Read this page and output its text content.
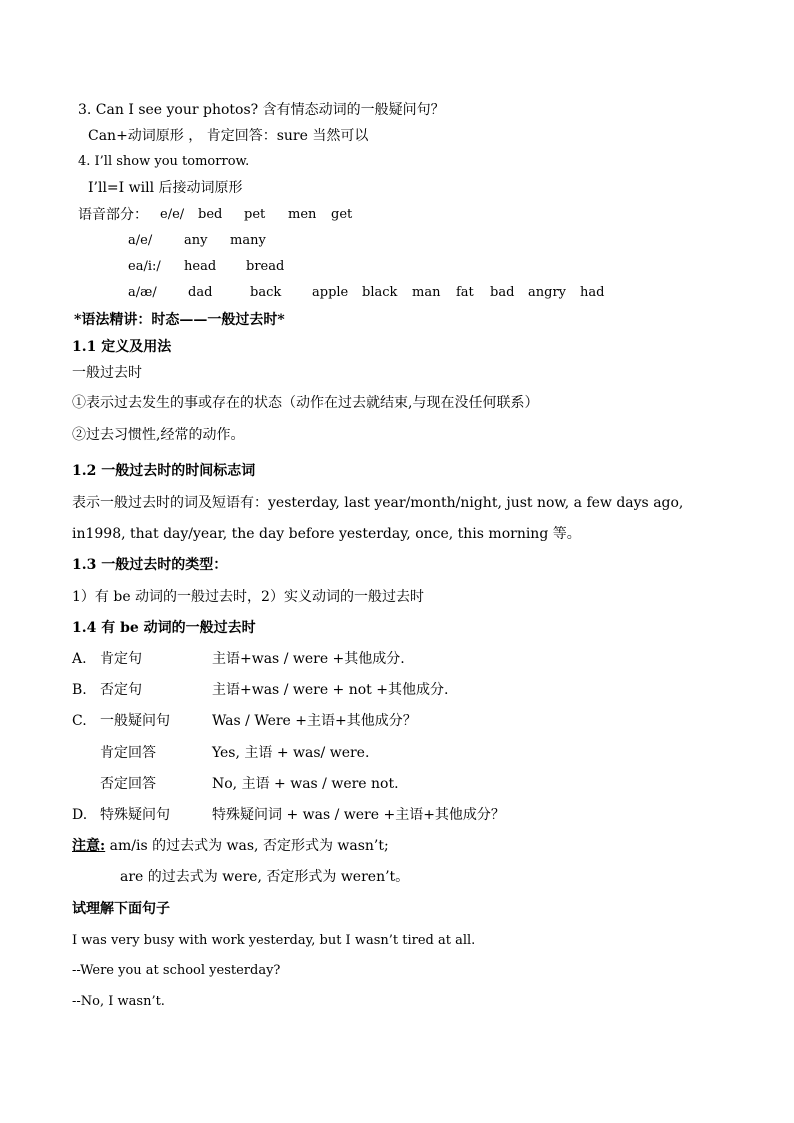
3. Can I see your photos? 含有情态动词的一般疑问句？
Can+动词原形 ， 肯定回答：sure 当然可以
4. I’ll show you tomorrow.
I’ll=I will 后接动词原形
语音部分： e/e/ bed pet men get
a/e/ any many
ea/i:/ head bread
a/æ/ dad	back apple black man fat bad angry had
*语法精讲：时态——一般过去时*
1.1 定义及用法
一般过去时
①表示过去发生的事或存在的状态（动作在过去就结束,与现在没任何联系）
②过去习惯性,经常的动作。
1.2 一般过去时的时间标志词
表示一般过去时的词及短语有：yesterday, last year/month/night, just now, a few days ago,
in1998, that day/year, the day before yesterday, once, this morning 等。
1.3 一般过去时的类型：
1）有 be 动词的一般过去时，2）实义动词的一般过去时
1.4 有 be 动词的一般过去时
A. 肯定句	主语+was / were +其他成分.
B. 否定句	主语+was / were + not +其他成分.
C. 一般疑问句	Was / Were +主语+其他成分？
肯定回答	Yes, 主语 + was/ were.
否定回答	No, 主语 + was / were not.
D. 特殊疑问句	特殊疑问词 + was / were +主语+其他成分？
注意: am/is 的过去式为 was, 否定形式为 wasn’t;
are 的过去式为 were, 否定形式为 weren’t。
试理解下面句子
I was very busy with work yesterday, but I wasn’t tired at all.
--Were you at school yesterday?
--No, I wasn’t.
